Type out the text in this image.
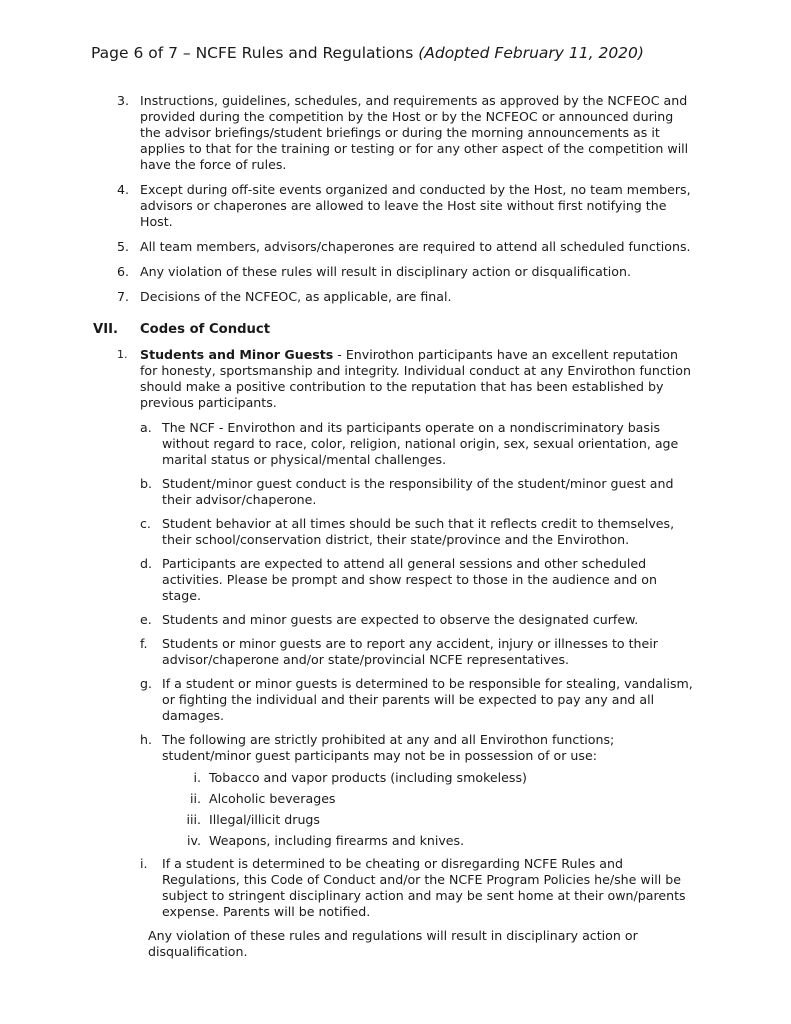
Page 6 of 7 – NCFE Rules and Regulations (Adopted February 11, 2020)
3. Instructions, guidelines, schedules, and requirements as approved by the NCFEOC and provided during the competition by the Host or by the NCFEOC or announced during the advisor briefings/student briefings or during the morning announcements as it applies to that for the training or testing or for any other aspect of the competition will have the force of rules.

4. Except during off-site events organized and conducted by the Host, no team members, advisors or chaperones are allowed to leave the Host site without first notifying the Host.

5. All team members, advisors/chaperones are required to attend all scheduled functions.

6. Any violation of these rules will result in disciplinary action or disqualification.

7. Decisions of the NCFEOC, as applicable, are final.

VII. Codes of Conduct
1. Students and Minor Guests - Envirothon participants have an excellent reputation for honesty, sportsmanship and integrity. Individual conduct at any Envirothon function should make a positive contribution to the reputation that has been established by previous participants.

a. The NCF - Envirothon and its participants operate on a nondiscriminatory basis without regard to race, color, religion, national origin, sex, sexual orientation, age marital status or physical/mental challenges.

b. Student/minor guest conduct is the responsibility of the student/minor guest and their advisor/chaperone.

c. Student behavior at all times should be such that it reflects credit to themselves, their school/conservation district, their state/province and the Envirothon.

d. Participants are expected to attend all general sessions and other scheduled activities. Please be prompt and show respect to those in the audience and on stage.

e. Students and minor guests are expected to observe the designated curfew.

f. Students or minor guests are to report any accident, injury or illnesses to their advisor/chaperone and/or state/provincial NCFE representatives.

g. If a student or minor guests is determined to be responsible for stealing, vandalism, or fighting the individual and their parents will be expected to pay any and all damages.

h. The following are strictly prohibited at any and all Envirothon functions; student/minor guest participants may not be in possession of or use:

i. Tobacco and vapor products (including smokeless)

ii. Alcoholic beverages

iii. Illegal/illicit drugs

iv. Weapons, including firearms and knives.

i. If a student is determined to be cheating or disregarding NCFE Rules and Regulations, this Code of Conduct and/or the NCFE Program Policies he/she will be subject to stringent disciplinary action and may be sent home at their own/parents expense. Parents will be notified.

Any violation of these rules and regulations will result in disciplinary action or disqualification.
